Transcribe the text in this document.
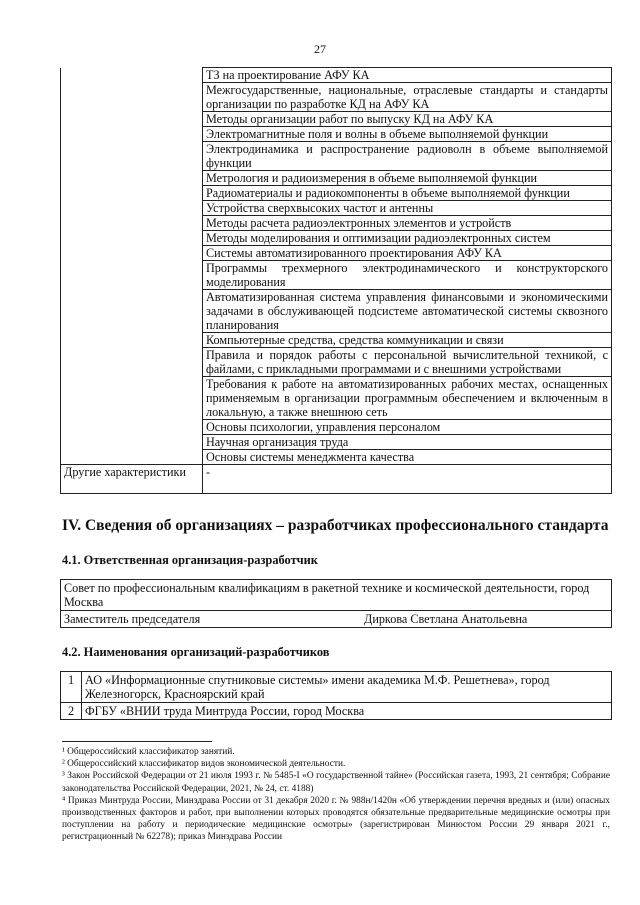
27
	ТЗ на проектирование АФУ КА
	Межгосударственные, национальные, отраслевые стандарты и стандарты организации по разработке КД на АФУ КА
	Методы организации работ по выпуску КД на АФУ КА
	Электромагнитные поля и волны в объеме выполняемой функции
	Электродинамика и распространение радиоволн в объеме выполняемой функции
	Метрология и радиоизмерения в объеме выполняемой функции
	Радиоматериалы и радиокомпоненты в объеме выполняемой функции
	Устройства сверхвысоких частот и антенны
	Методы расчета радиоэлектронных элементов и устройств
	Методы моделирования и оптимизации радиоэлектронных систем
	Системы автоматизированного проектирования АФУ КА
	Программы трехмерного электродинамического и конструкторского моделирования
	Автоматизированная система управления финансовыми и экономическими задачами в обслуживающей подсистеме автоматической системы сквозного планирования
	Компьютерные средства, средства коммуникации и связи
	Правила и порядок работы с персональной вычислительной техникой, с файлами, с прикладными программами и с внешними устройствами
	Требования к работе на автоматизированных рабочих местах, оснащенных применяемым в организации программным обеспечением и включенным в локальную, а также внешнюю сеть
	Основы психологии, управления персоналом
	Научная организация труда
	Основы системы менеджмента качества
Другие характеристики	-
IV. Сведения об организациях – разработчиках профессионального стандарта
4.1. Ответственная организация-разработчик
Совет по профессиональным квалификациям в ракетной технике и космической деятельности, город Москва
Заместитель председателя	Диркова Светлана Анатольевна
4.2. Наименования организаций-разработчиков
1	АО «Информационные спутниковые системы» имени академика М.Ф. Решетнева», город Железногорск, Красноярский край
2	ФГБУ «ВНИИ труда Минтруда России, город Москва

¹ Общероссийский классификатор занятий.

² Общероссийский классификатор видов экономической деятельности.

³ Закон Российской Федерации от 21 июля 1993 г. № 5485-I «О государственной тайне» (Российская газета, 1993, 21 сентября; Собрание законодательства Российской Федерации, 2021, № 24, ст. 4188)

⁴ Приказ Минтруда России, Минздрава России от 31 декабря 2020 г. № 988н/1420н «Об утверждении перечня вредных и (или) опасных производственных факторов и работ, при выполнении которых проводятся обязательные предварительные медицинские осмотры при поступлении на работу и периодические медицинские осмотры» (зарегистрирован Минюстом России 29 января 2021 г., регистрационный № 62278); приказ Минздрава России
